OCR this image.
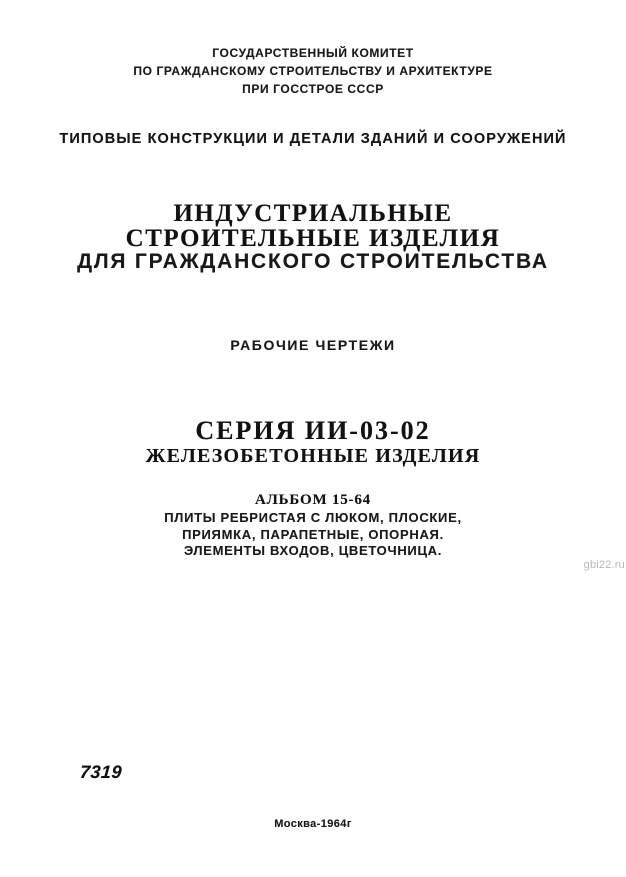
ГОСУДАРСТВЕННЫЙ КОМИТЕТ
ПО ГРАЖДАНСКОМУ СТРОИТЕЛЬСТВУ И АРХИТЕКТУРЕ
ПРИ ГОССТРОЕ СССР
ТИПОВЫЕ КОНСТРУКЦИИ И ДЕТАЛИ ЗДАНИЙ И СООРУЖЕНИЙ
ИНДУСТРИАЛЬНЫЕ
СТРОИТЕЛЬНЫЕ ИЗДЕЛИЯ
ДЛЯ ГРАЖДАНСКОГО СТРОИТЕЛЬСТВА
РАБОЧИЕ ЧЕРТЕЖИ
СЕРИЯ ИИ-03-02
ЖЕЛЕЗОБЕТОННЫЕ ИЗДЕЛИЯ
АЛЬБОМ 15-64
ПЛИТЫ РЕБРИСТАЯ С ЛЮКОМ, ПЛОСКИЕ,
ПРИЯМКА, ПАРАПЕТНЫЕ, ОПОРНАЯ.
ЭЛЕМЕНТЫ ВХОДОВ, ЦВЕТОЧНИЦА.
gbi22.ru
7319
Москва-1964г
